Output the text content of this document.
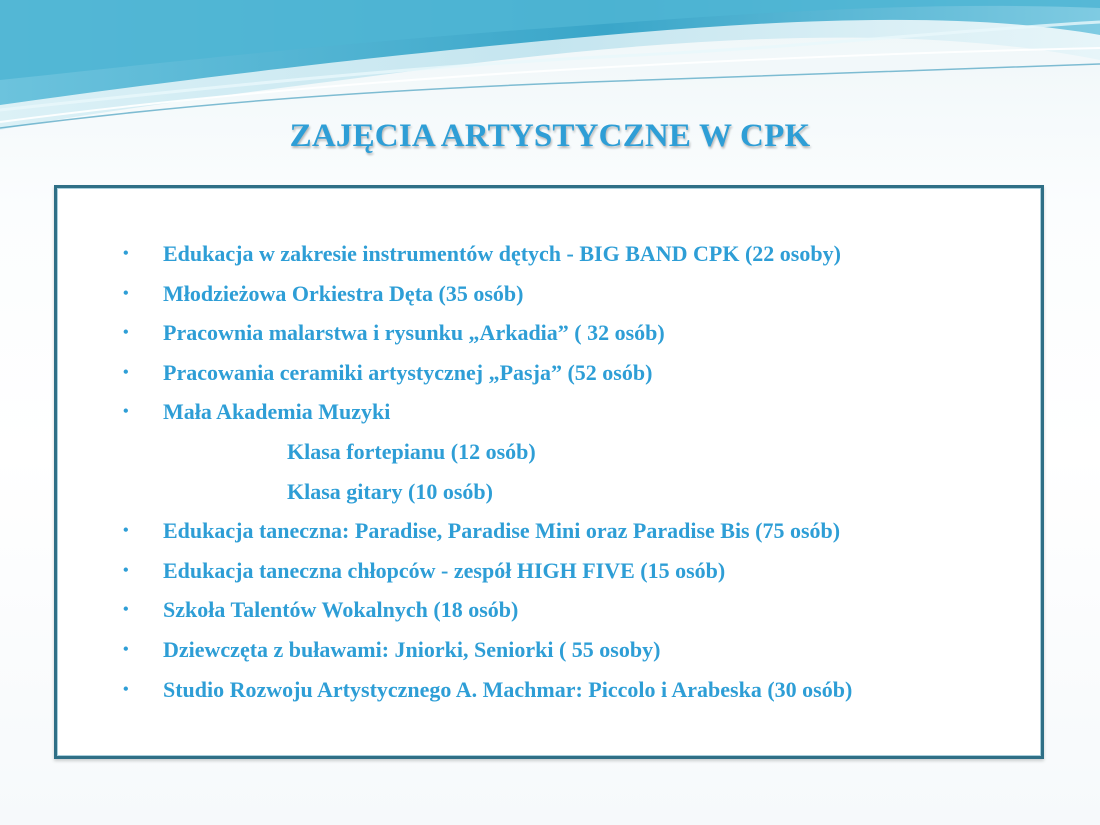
ZAJĘCIA ARTYSTYCZNE W CPK
• Edukacja w zakresie instrumentów dętych - BIG BAND CPK (22 osoby)
• Młodzieżowa Orkiestra Dęta (35 osób)
• Pracownia malarstwa i rysunku „Arkadia” ( 32 osób)
• Pracowania ceramiki artystycznej „Pasja” (52 osób)
• Mała Akademia Muzyki
Klasa fortepianu (12 osób)
Klasa gitary (10 osób)
• Edukacja taneczna: Paradise, Paradise Mini oraz Paradise Bis (75 osób)
• Edukacja taneczna chłopców - zespół HIGH FIVE (15 osób)
• Szkoła Talentów Wokalnych (18 osób)
• Dziewczęta z buławami: Jniorki, Seniorki ( 55 osoby)
• Studio Rozwoju Artystycznego A. Machmar: Piccolo i Arabeska (30 osób)
